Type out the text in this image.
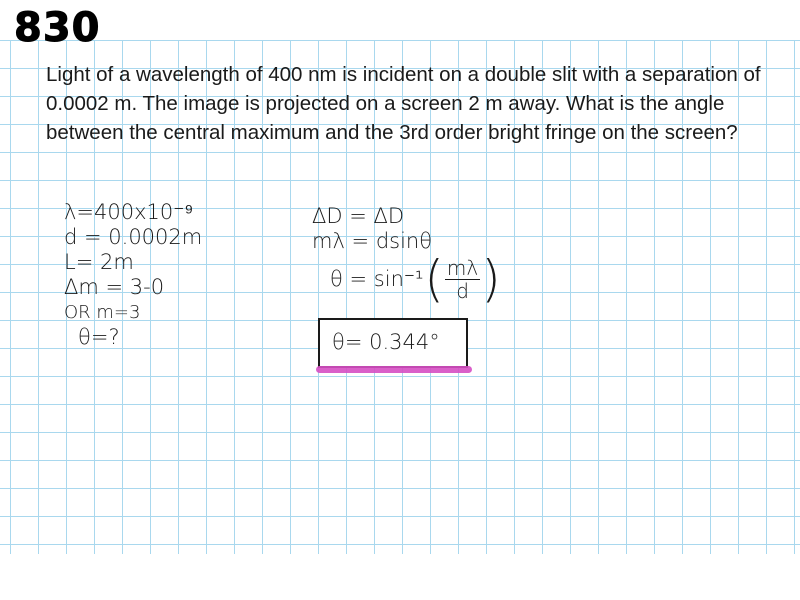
830
Light of a wavelength of 400 nm is incident on a double slit with a separation of 0.0002 m. The image is projected on a screen 2 m away. What is the angle between the central maximum and the 3rd order bright fringe on the screen?
λ=400x10⁻⁹
d = 0.0002m
L= 2m
Δm = 3-0
OR m=3
θ=?
ΔD = ΔD
mλ = dsinθ
θ = sin⁻¹ ( $\frac{m\lambda}{d}$ )
θ= 0.344°
